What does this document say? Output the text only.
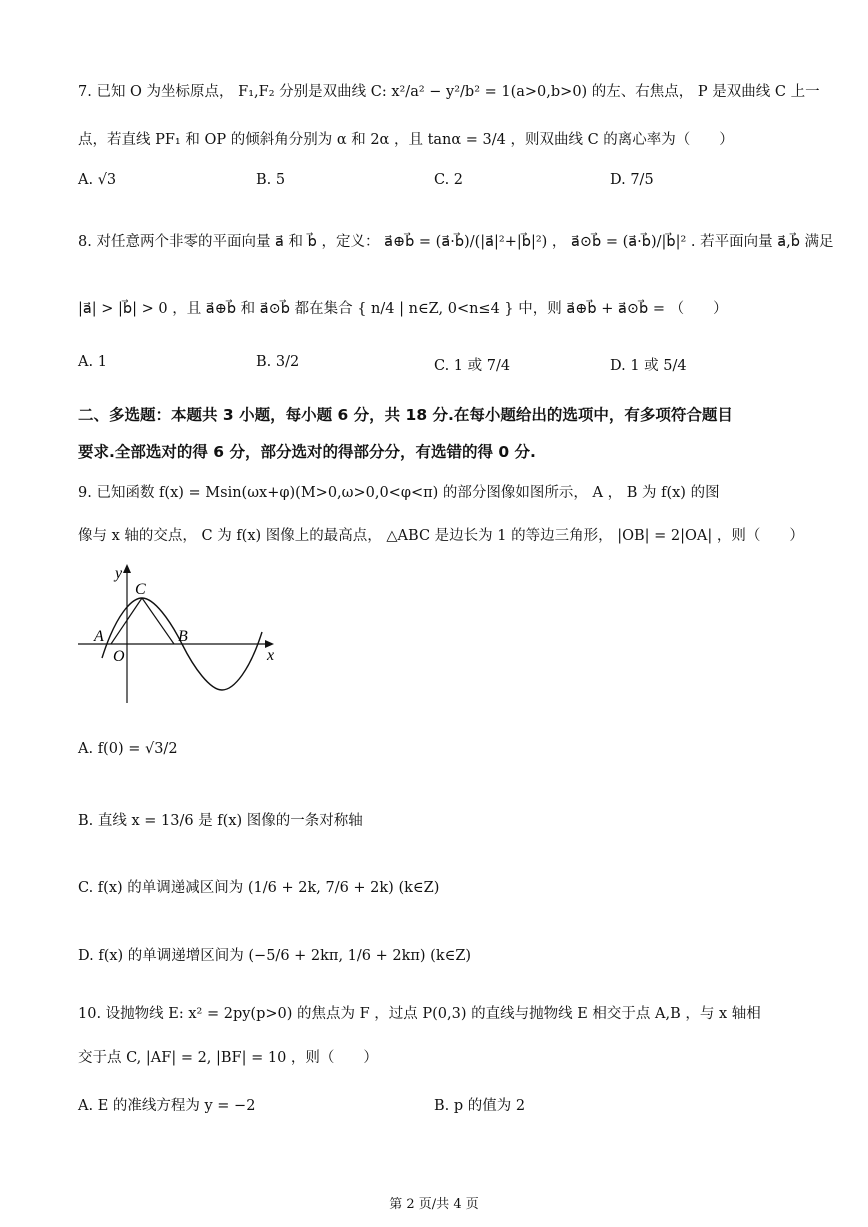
7. 已知 O 为坐标原点， F₁,F₂ 分别是双曲线 C: x²/a² − y²/b² = 1(a>0,b>0) 的左、右焦点， P 是双曲线 C 上一
点，若直线 PF₁ 和 OP 的倾斜角分别为 α 和 2α ，且 tanα = 3/4 ，则双曲线 C 的离心率为（　　）
A. √3	B. 5	C. 2	D. 7/5
8. 对任意两个非零的平面向量 a⃗ 和 b⃗ ，定义： a⃗⊕b⃗ = (a⃗·b⃗)/(|a⃗|²+|b⃗|²) ， a⃗⊙b⃗ = (a⃗·b⃗)/|b⃗|² . 若平面向量 a⃗,b⃗ 满足
|a⃗| > |b⃗| > 0 ，且 a⃗⊕b⃗ 和 a⃗⊙b⃗ 都在集合 { n/4 | n∈Z, 0<n≤4 } 中，则 a⃗⊕b⃗ + a⃗⊙b⃗ = （　　）
A. 1	B. 3/2	C. 1 或 7/4	D. 1 或 5/4
二、多选题：本题共 3 小题，每小题 6 分，共 18 分.在每小题给出的选项中，有多项符合题目
要求.全部选对的得 6 分，部分选对的得部分分，有选错的得 0 分.
9. 已知函数 f(x) = Msin(ωx+φ)(M>0,ω>0,0<φ<π) 的部分图像如图所示， A ， B 为 f(x) 的图
像与 x 轴的交点， C 为 f(x) 图像上的最高点， △ABC 是边长为 1 的等边三角形， |OB| = 2|OA| ，则（　　）
y
x
C
A	B
O
A. f(0) = √3/2
B. 直线 x = 13/6 是 f(x) 图像的一条对称轴
C. f(x) 的单调递减区间为 (1/6 + 2k, 7/6 + 2k) (k∈Z)
D. f(x) 的单调递增区间为 (−5/6 + 2kπ, 1/6 + 2kπ) (k∈Z)
10. 设抛物线 E: x² = 2py(p>0) 的焦点为 F ，过点 P(0,3) 的直线与抛物线 E 相交于点 A,B ，与 x 轴相
交于点 C, |AF| = 2, |BF| = 10 ，则（　　）
A. E 的准线方程为 y = −2	B. p 的值为 2
第 2 页/共 4 页
